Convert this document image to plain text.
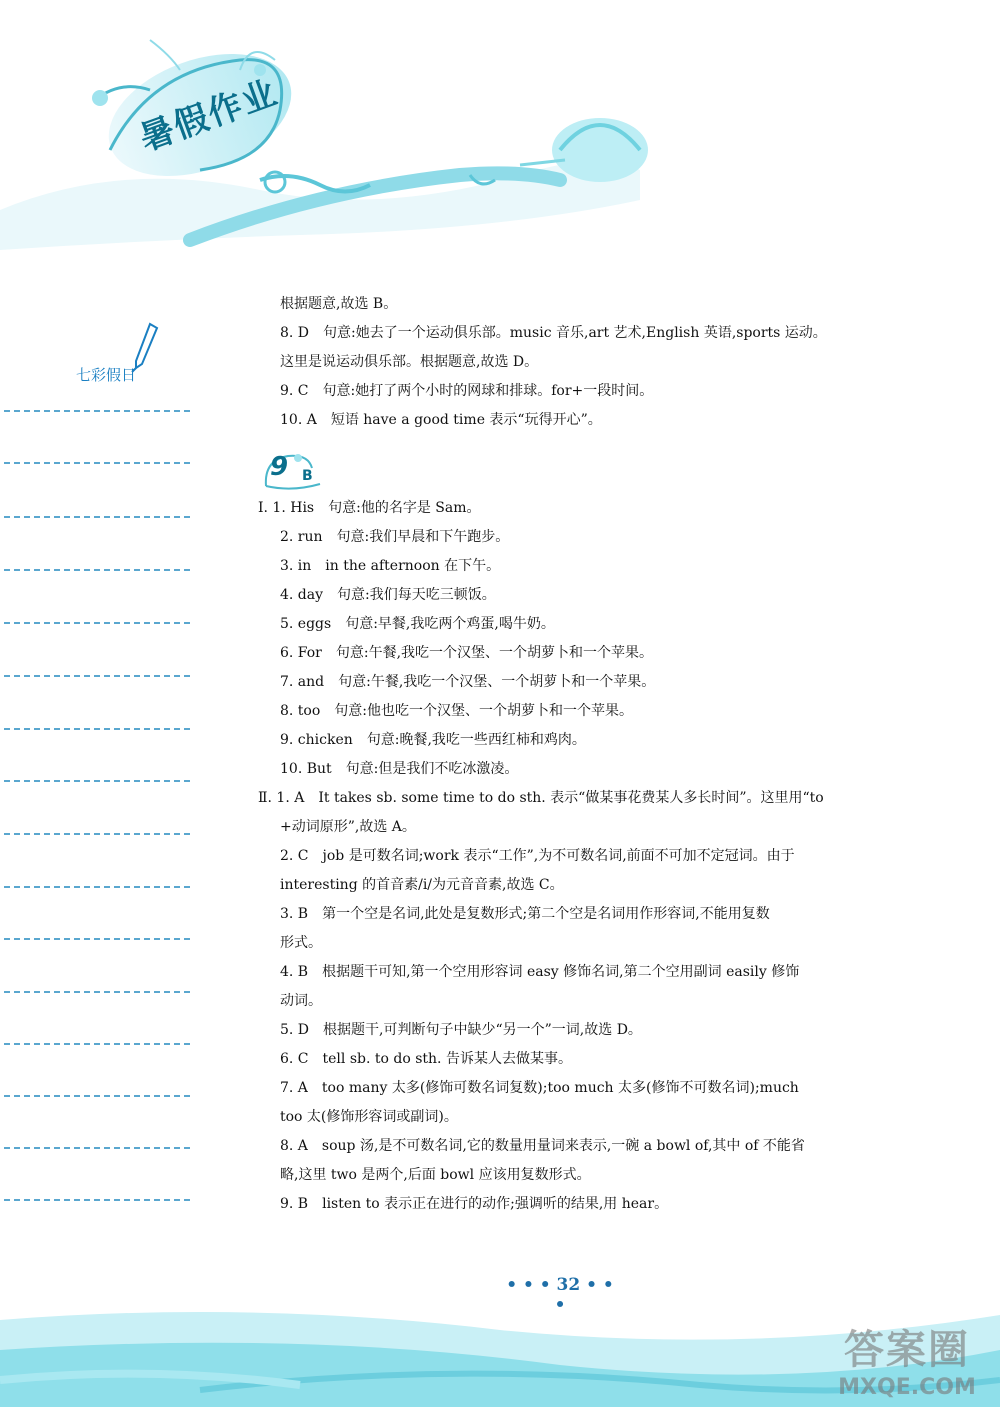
暑假作业
七彩假日
根据题意,故选 B。
8. D　句意:她去了一个运动俱乐部。music 音乐,art 艺术,English 英语,sports 运动。
这里是说运动俱乐部。根据题意,故选 D。
9. C　句意:她打了两个小时的网球和排球。for+一段时间。
10. A　短语 have a good time 表示“玩得开心”。
9 B
Ⅰ. 1. His　句意:他的名字是 Sam。
2. run　句意:我们早晨和下午跑步。
3. in　in the afternoon 在下午。
4. day　句意:我们每天吃三顿饭。
5. eggs　句意:早餐,我吃两个鸡蛋,喝牛奶。
6. For　句意:午餐,我吃一个汉堡、一个胡萝卜和一个苹果。
7. and　句意:午餐,我吃一个汉堡、一个胡萝卜和一个苹果。
8. too　句意:他也吃一个汉堡、一个胡萝卜和一个苹果。
9. chicken　句意:晚餐,我吃一些西红柿和鸡肉。
10. But　句意:但是我们不吃冰激凌。
Ⅱ. 1. A　It takes sb. some time to do sth. 表示“做某事花费某人多长时间”。这里用“to
+动词原形”,故选 A。
2. C　job 是可数名词;work 表示“工作”,为不可数名词,前面不可加不定冠词。由于
interesting 的首音素/i/为元音音素,故选 C。
3. B　第一个空是名词,此处是复数形式;第二个空是名词用作形容词,不能用复数
形式。
4. B　根据题干可知,第一个空用形容词 easy 修饰名词,第二个空用副词 easily 修饰
动词。
5. D　根据题干,可判断句子中缺少“另一个”一词,故选 D。
6. C　tell sb. to do sth. 告诉某人去做某事。
7. A　too many 太多(修饰可数名词复数);too much 太多(修饰不可数名词);much
too 太(修饰形容词或副词)。
8. A　soup 汤,是不可数名词,它的数量用量词来表示,一碗 a bowl of,其中 of 不能省
略,这里 two 是两个,后面 bowl 应该用复数形式。
9. B　listen to 表示正在进行的动作;强调听的结果,用 hear。
• • • 32 • • •
答案圈
MXQE.COM
